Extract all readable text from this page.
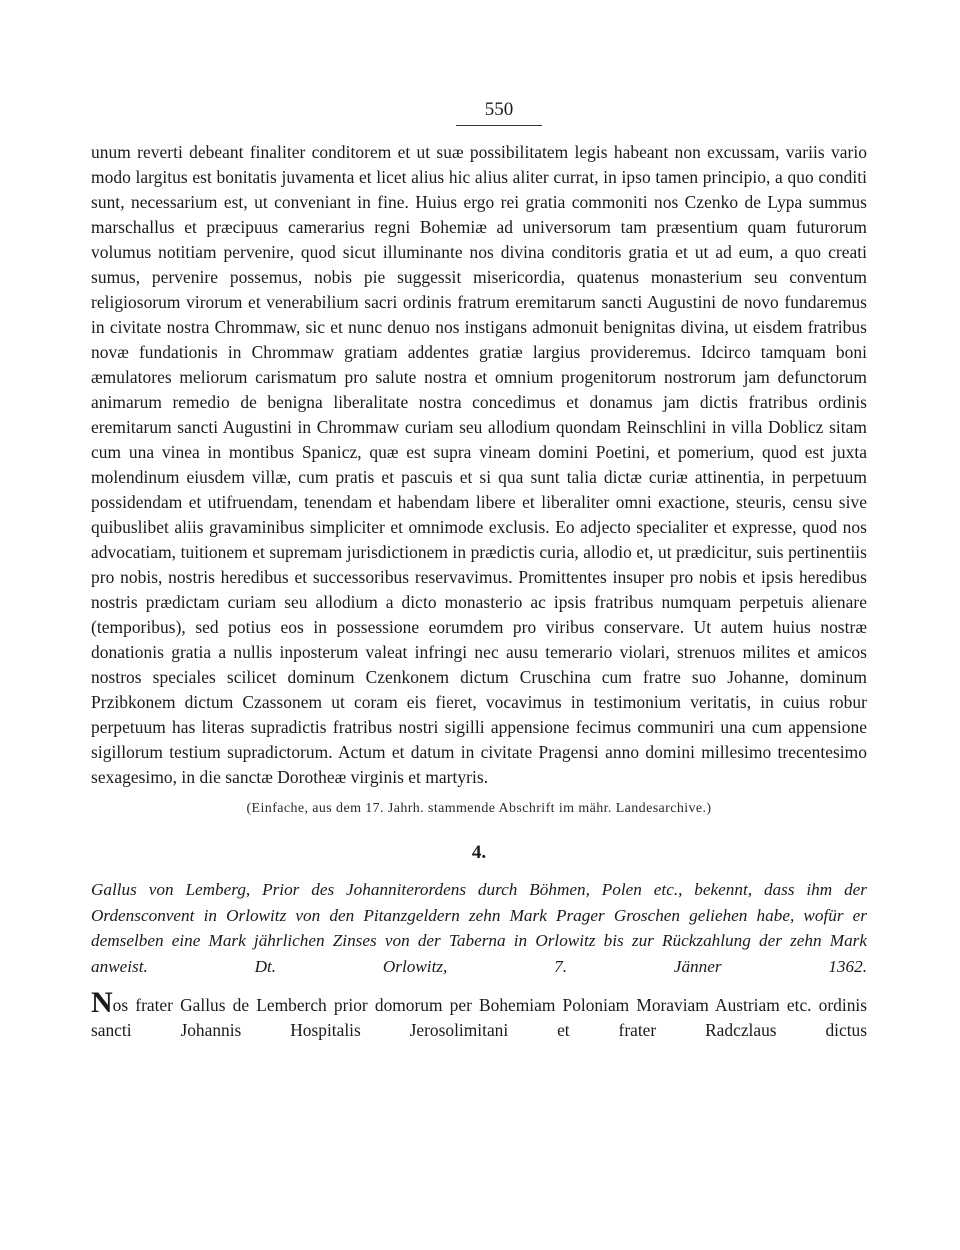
550

unum reverti debeant finaliter conditorem et ut suæ possibilitatem legis habeant non excussam, variis vario modo largitus est bonitatis juvamenta et licet alius hic alius aliter currat, in ipso tamen principio, a quo conditi sunt, necessarium est, ut conveniant in fine. Huius ergo rei gratia commoniti nos Czenko de Lypa summus marschallus et præcipuus camerarius regni Bohemiæ ad universorum tam præsentium quam futurorum volumus notitiam pervenire, quod sicut illuminante nos divina conditoris gratia et ut ad eum, a quo creati sumus, pervenire possemus, nobis pie suggessit misericordia, quatenus monasterium seu conventum religiosorum virorum et venerabilium sacri ordinis fratrum eremitarum sancti Augustini de novo fundaremus in civitate nostra Chrommaw, sic et nunc denuo nos instigans admonuit benignitas divina, ut eisdem fratribus novæ fundationis in Chrommaw gratiam addentes gratiæ largius provideremus. Idcirco tamquam boni æmulatores meliorum carismatum pro salute nostra et omnium progenitorum nostrorum jam defunctorum animarum remedio de benigna liberalitate nostra concedimus et donamus jam dictis fratribus ordinis eremitarum sancti Augustini in Chrommaw curiam seu allodium quondam Reinschlini in villa Doblicz sitam cum una vinea in montibus Spanicz, quæ est supra vineam domini Poetini, et pomerium, quod est juxta molendinum eiusdem villæ, cum pratis et pascuis et si qua sunt talia dictæ curiæ attinentia, in perpetuum possidendam et utifruendam, tenendam et habendam libere et liberaliter omni exactione, steuris, censu sive quibuslibet aliis gravaminibus simpliciter et omnimode exclusis. Eo adjecto specialiter et expresse, quod nos advocatiam, tuitionem et supremam jurisdictionem in prædictis curia, allodio et, ut prædicitur, suis pertinentiis pro nobis, nostris heredibus et successoribus reservavimus. Promittentes insuper pro nobis et ipsis heredibus nostris prædictam curiam seu allodium a dicto monasterio ac ipsis fratribus numquam perpetuis alienare (temporibus), sed potius eos in possessione eorumdem pro viribus conservare. Ut autem huius nostræ donationis gratia a nullis inposterum valeat infringi nec ausu temerario violari, strenuos milites et amicos nostros speciales scilicet dominum Czenkonem dictum Cruschina cum fratre suo Johanne, dominum Przibkonem dictum Czassonem ut coram eis fieret, vocavimus in testimonium veritatis, in cuius robur perpetuum has literas supradictis fratribus nostri sigilli appensione fecimus communiri una cum appensione sigillorum testium supradictorum. Actum et datum in civitate Pragensi anno domini millesimo trecentesimo sexagesimo, in die sanctæ Dorotheæ virginis et martyris.

(Einfache, aus dem 17. Jahrh. stammende Abschrift im mähr. Landesarchive.)
4.
Gallus von Lemberg, Prior des Johanniterordens durch Böhmen, Polen etc., bekennt, dass ihm der Ordensconvent in Orlowitz von den Pitanzgeldern zehn Mark Prager Groschen geliehen habe, wofür er demselben eine Mark jährlichen Zinses von der Taberna in Orlowitz bis zur Rückzahlung der zehn Mark anweist. Dt. Orlowitz, 7. Jänner 1362.
Nos frater Gallus de Lemberch prior domorum per Bohemiam Poloniam Moraviam Austriam etc. ordinis sancti Johannis Hospitalis Jerosolimitani et frater Radczlaus dictus
